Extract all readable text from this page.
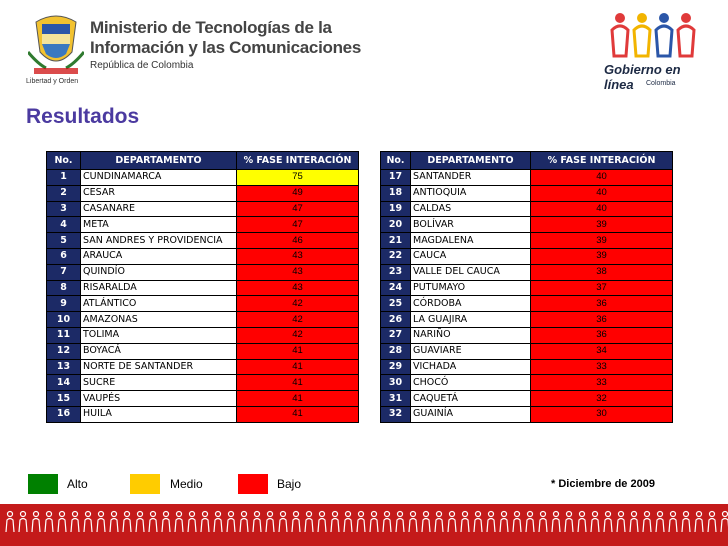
Libertad y Orden
Ministerio de Tecnologías de la
Información y las Comunicaciones
República de Colombia	Gobierno en línea	Colombia
Resultados
No.	DEPARTAMENTO	% FASE INTERACIÓN
1	CUNDINAMARCA	75
2	CESAR	49
3	CASANARE	47
4	META	47
5	SAN ANDRES Y PROVIDENCIA	46
6	ARAUCA	43
7	QUINDÍO	43
8	RISARALDA	43
9	ATLÁNTICO	42
10	AMAZONAS	42
11	TOLIMA	42
12	BOYACÁ	41
13	NORTE DE SANTANDER	41
14	SUCRE	41
15	VAUPÉS	41
16	HUILA	41
No.	DEPARTAMENTO	% FASE INTERACIÓN
17	SANTANDER	40
18	ANTIOQUIA	40
19	CALDAS	40
20	BOLÍVAR	39
21	MAGDALENA	39
22	CAUCA	39
23	VALLE DEL CAUCA	38
24	PUTUMAYO	37
25	CÓRDOBA	36
26	LA GUAJIRA	36
27	NARIÑO	36
28	GUAVIARE	34
29	VICHADA	33
30	CHOCÓ	33
31	CAQUETÁ	32
32	GUAINÍA	30
Alto	Medio	Bajo	* Diciembre de 2009
